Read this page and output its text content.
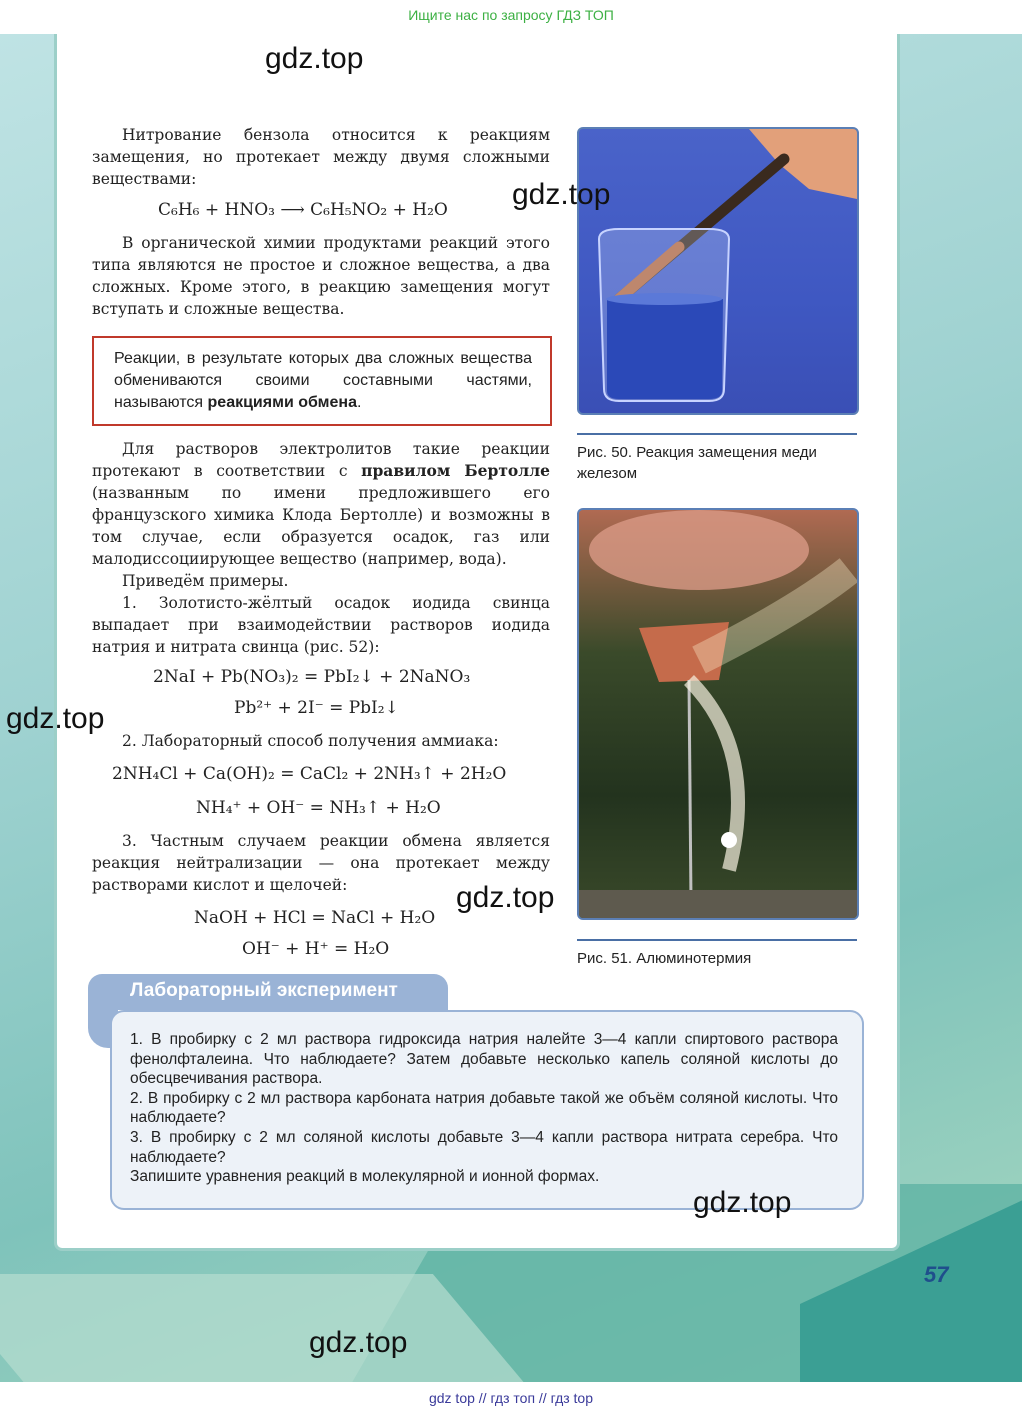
Ищите нас по запросу ГДЗ ТОП
gdz.top

Нитрование бензола относится к реакциям замещения, но протекает между двумя сложными веществами:

C₆H₆ + HNO₃ ⟶ C₆H₅NO₂ + H₂O

В органической химии продуктами реакций этого типа являются не простое и сложное вещества, а два сложных. Кроме этого, в реакцию замещения могут вступать и сложные вещества.

Реакции, в результате которых два сложных вещества обмениваются своими составными частями, называются реакциями обмена.

Для растворов электролитов такие реакции протекают в соответствии с правилом Бертолле (названным по имени предложившего его французского химика Клода Бертолле) и возможны в том случае, если образуется осадок, газ или малодиссоциирующее вещество (например, вода).

Приведём примеры.

1. Золотисто-жёлтый осадок иодида свинца выпадает при взаимодействии растворов иодида натрия и нитрата свинца (рис. 52):

2NaI + Pb(NO₃)₂ = PbI₂↓ + 2NaNO₃
Pb²⁺ + 2I⁻ = PbI₂↓
gdz.top

2. Лабораторный способ получения аммиака:

2NH₄Cl + Ca(OH)₂ = CaCl₂ + 2NH₃↑ + 2H₂O
NH₄⁺ + OH⁻ = NH₃↑ + H₂O

3. Частным случаем реакции обмена является реакция нейтрализации — она протекает между растворами кислот и щелочей:

NaOH + HCl = NaCl + H₂O
OH⁻ + H⁺ = H₂O
gdz.top
gdz.top
Рис. 50. Реакция замещения меди железом
Рис. 51. Алюминотермия
Лабораторный эксперимент
1. В пробирку с 2 мл раствора гидроксида натрия налейте 3—4 капли спиртового раствора фенолфталеина. Что наблюдаете? Затем добавьте несколько капель соляной кислоты до обесцвечивания раствора.
2. В пробирку с 2 мл раствора карбоната натрия добавьте такой же объём соляной кислоты. Что наблюдаете?
3. В пробирку с 2 мл соляной кислоты добавьте 3—4 капли раствора нитрата серебра. Что наблюдаете?
Запишите уравнения реакций в молекулярной и ионной формах.
gdz.top
57
gdz.top
gdz top // гдз топ // гдз top
